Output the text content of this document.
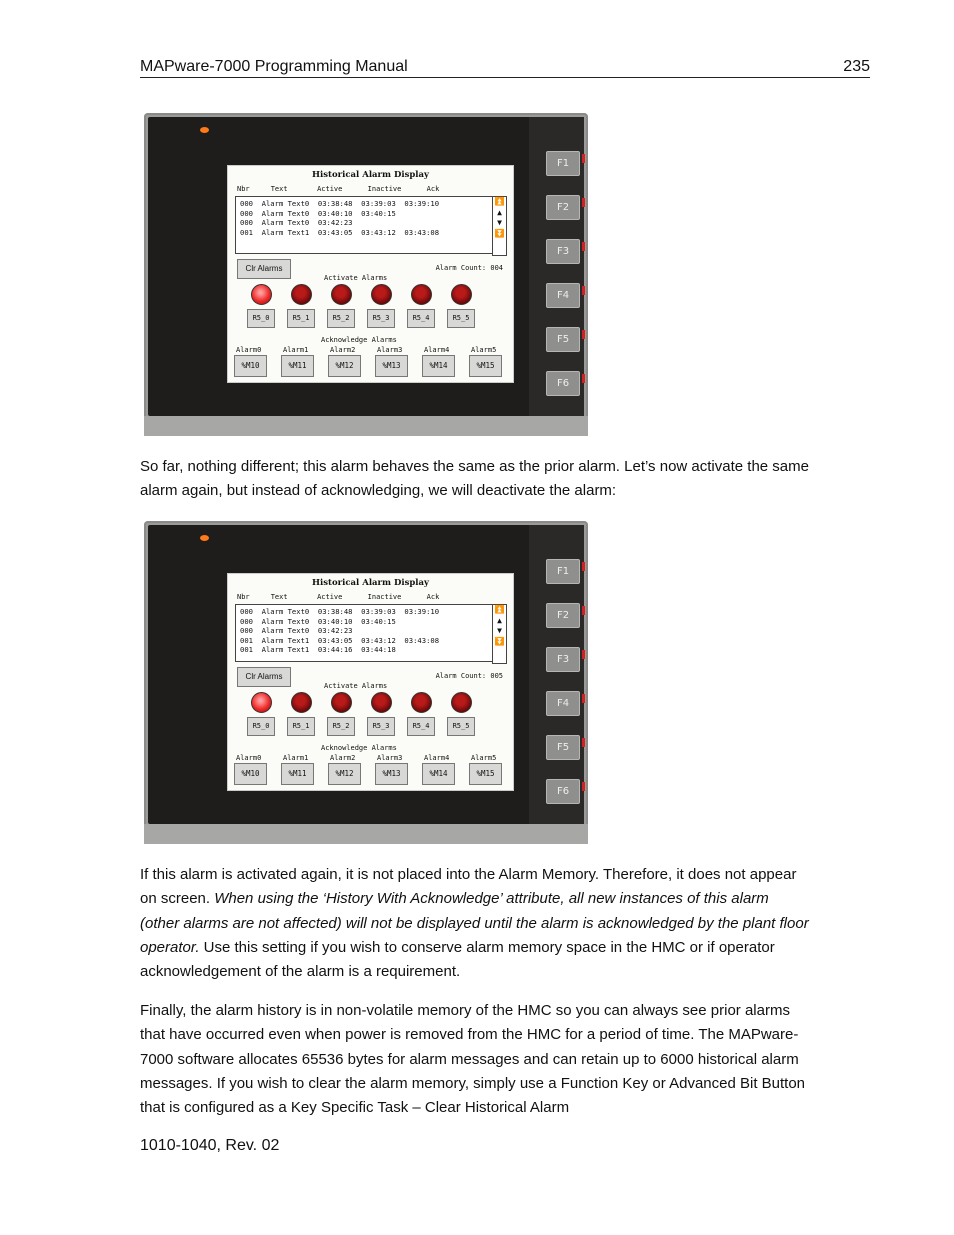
MAPware-7000 Programming Manual	235
F1
F2
F3
F4
F5
F6
Historical Alarm Display
Nbr     Text       Active      Inactive      Ack
000  Alarm Text0  03:38:48  03:39:03  03:39:10
000  Alarm Text0  03:40:10  03:40:15
000  Alarm Text0  03:42:23
001  Alarm Text1  03:43:05  03:43:12  03:43:08
⏫
▲
▼
⏬
Clr Alarms	Alarm Count: 004
Activate Alarms
R5_0	R5_1	R5_2	R5_3	R5_4	R5_5
Acknowledge Alarms
Alarm0
%M10
Alarm1
%M11
Alarm2
%M12
Alarm3
%M13
Alarm4
%M14
Alarm5
%M15
So far, nothing different; this alarm behaves the same as the prior alarm. Let’s now activate the same alarm again, but instead of acknowledging, we will deactivate the alarm:
F1
F2
F3
F4
F5
F6
Historical Alarm Display
Nbr     Text       Active      Inactive      Ack
000  Alarm Text0  03:38:48  03:39:03  03:39:10
000  Alarm Text0  03:40:10  03:40:15
000  Alarm Text0  03:42:23
001  Alarm Text1  03:43:05  03:43:12  03:43:08
001  Alarm Text1  03:44:16  03:44:18
⏫
▲
▼
⏬
Clr Alarms	Alarm Count: 005
Activate Alarms
R5_0	R5_1	R5_2	R5_3	R5_4	R5_5
Acknowledge Alarms
Alarm0
%M10
Alarm1
%M11
Alarm2
%M12
Alarm3
%M13
Alarm4
%M14
Alarm5
%M15
If this alarm is activated again, it is not placed into the Alarm Memory. Therefore, it does not appear on screen. When using the ‘History With Acknowledge’ attribute, all new instances of this alarm (other alarms are not affected) will not be displayed until the alarm is acknowledged by the plant floor operator. Use this setting if you wish to conserve alarm memory space in the HMC or if operator acknowledgement of the alarm is a requirement.
Finally, the alarm history is in non-volatile memory of the HMC so you can always see prior alarms that have occurred even when power is removed from the HMC for a period of time. The MAPware-7000 software allocates 65536 bytes for alarm messages and can retain up to 6000 historical alarm messages. If you wish to clear the alarm memory, simply use a Function Key or Advanced Bit Button that is configured as a Key Specific Task – Clear Historical Alarm
1010-1040, Rev. 02
